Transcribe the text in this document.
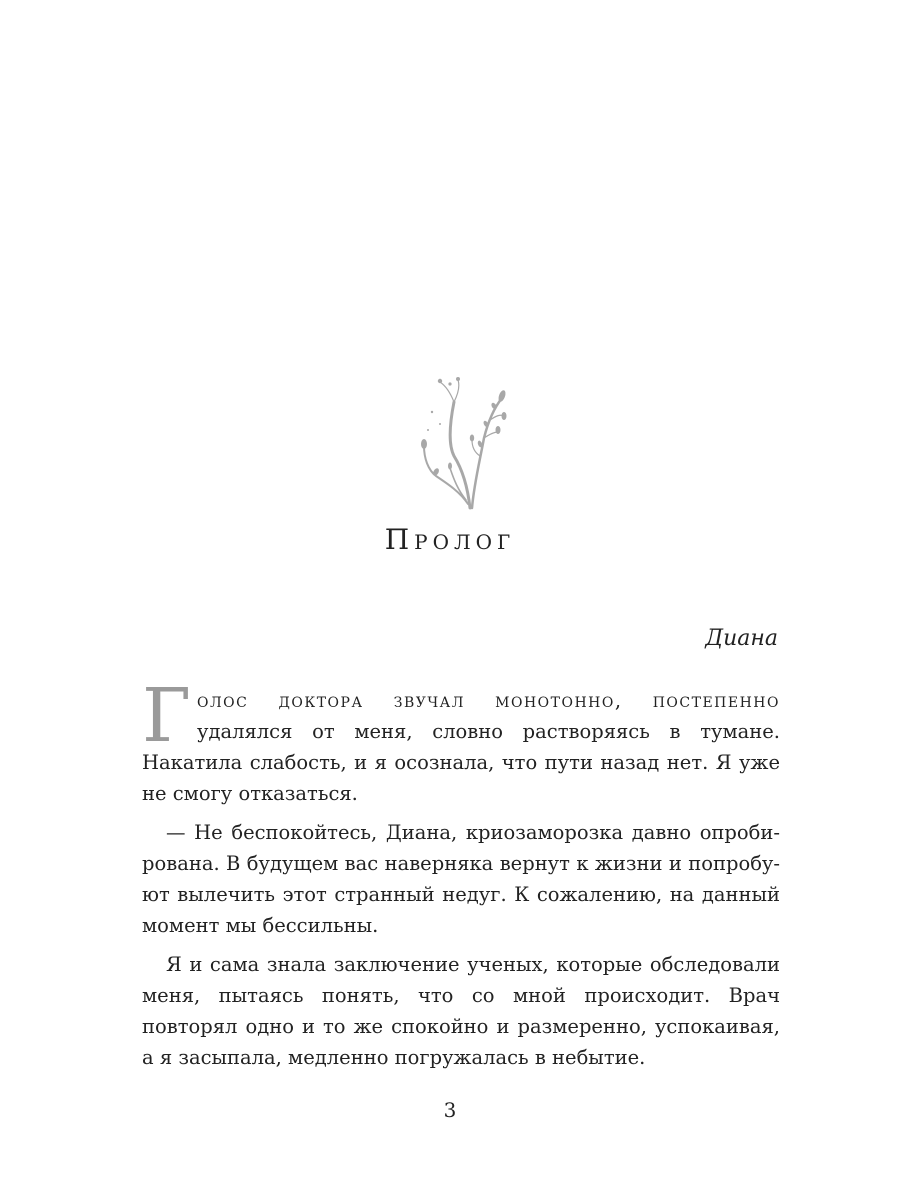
Пролог
Диана

Голос доктора звучал монотонно, постепенно удалялся от меня, словно растворяясь в тумане. Накатила слабость, и я осознала, что пути назад нет. Я уже не смогу отказаться.

— Не беспокойтесь, Диана, криозаморозка давно опробирована. В будущем вас наверняка вернут к жизни и попробуют вылечить этот странный недуг. К сожалению, на данный момент мы бессильны.

Я и сама знала заключение ученых, которые обследовали меня, пытаясь понять, что со мной происходит. Врач повторял одно и то же спокойно и размеренно, успокаивая, а я засыпала, медленно погружалась в небытие.

3
